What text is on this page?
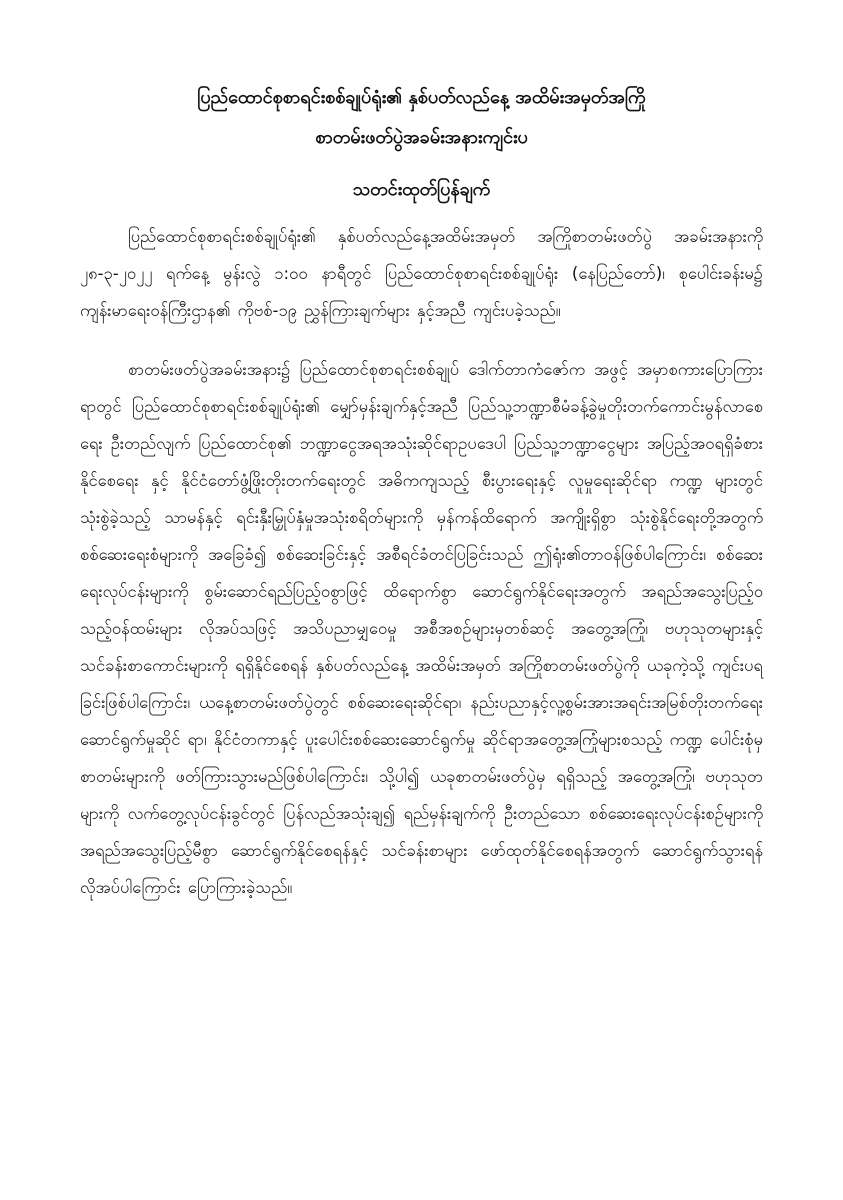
ပြည်ထောင်စုစာရင်းစစ်ချုပ်ရုံး၏ နှစ်ပတ်လည်နေ့ အထိမ်းအမှတ်အကြို

စာတမ်းဖတ်ပွဲအခမ်းအနားကျင်းပ

သတင်းထုတ်ပြန်ချက်

ပြည်ထောင်စုစာရင်းစစ်ချုပ်ရုံး၏ နှစ်ပတ်လည်နေ့အထိမ်းအမှတ် အကြိုစာတမ်းဖတ်ပွဲ အခမ်းအနားကို ၂၈-၃-၂၀၂၂ ရက်နေ့ မွန်းလွဲ ၁:၀၀ နာရီတွင် ပြည်ထောင်စုစာရင်းစစ်ချုပ်ရုံး (နေပြည်တော်)၊ စုပေါင်းခန်းမ၌ ကျန်းမာရေးဝန်ကြီးဌာန၏ ကိုဗစ်-၁၉ ညွှန်ကြားချက်များ နှင့်အညီ ကျင်းပခဲ့သည်။

စာတမ်းဖတ်ပွဲအခမ်းအနား၌ ပြည်ထောင်စုစာရင်းစစ်ချုပ် ဒေါက်တာကံဇော်က အဖွင့် အမှာစကားပြောကြားရာတွင် ပြည်ထောင်စုစာရင်းစစ်ချုပ်ရုံး၏ မျှော်မှန်းချက်နှင့်အညီ ပြည်သူ့ဘဏ္ဍာစီမံခန့်ခွဲမှုတိုးတက်ကောင်းမွန်လာစေရေး ဦးတည်လျက် ပြည်ထောင်စု၏ ဘဏ္ဍာငွေအရအသုံးဆိုင်ရာဥပဒေပါ ပြည်သူ့ဘဏ္ဍာငွေများ အပြည့်အဝရရှိခံစားနိုင်စေရေး နှင့် နိုင်ငံတော်ဖွံ့ဖြိုးတိုးတက်ရေးတွင် အဓိကကျသည့် စီးပွားရေးနှင့် လူမှုရေးဆိုင်ရာ ကဏ္ဍ များတွင် သုံးစွဲခဲ့သည့် သာမန်နှင့် ရင်းနှီးမြှုပ်နှံမှုအသုံးစရိတ်များကို မှန်ကန်ထိရောက် အကျိုးရှိစွာ သုံးစွဲနိုင်ရေးတို့အတွက် စစ်ဆေးရေးစံများကို အခြေခံ၍ စစ်ဆေးခြင်းနှင့် အစီရင်ခံတင်ပြခြင်းသည် ဤရုံး၏တာဝန်ဖြစ်ပါကြောင်း၊ စစ်ဆေးရေးလုပ်ငန်းများကို စွမ်းဆောင်ရည်ပြည့်ဝစွာဖြင့် ထိရောက်စွာ ဆောင်ရွက်နိုင်ရေးအတွက် အရည်အသွေးပြည့်ဝ သည့်ဝန်ထမ်းများ လိုအပ်သဖြင့် အသိပညာမျှဝေမှု အစီအစဉ်များမှတစ်ဆင့် အတွေ့အကြုံ၊ ဗဟုသုတများနှင့် သင်ခန်းစာကောင်းများကို ရရှိနိုင်စေရန် နှစ်ပတ်လည်နေ့ အထိမ်းအမှတ် အကြိုစာတမ်းဖတ်ပွဲကို ယခုကဲ့သို့ ကျင်းပရခြင်းဖြစ်ပါကြောင်း၊ ယနေ့စာတမ်းဖတ်ပွဲတွင် စစ်ဆေးရေးဆိုင်ရာ၊ နည်းပညာနှင့်လူ့စွမ်းအားအရင်းအမြစ်တိုးတက်ရေး ဆောင်ရွက်မှုဆိုင် ရာ၊ နိုင်ငံတကာနှင့် ပူးပေါင်းစစ်ဆေးဆောင်ရွက်မှု ဆိုင်ရာအတွေ့အကြုံများစသည့် ကဏ္ဍ ပေါင်းစုံမှ စာတမ်းများကို ဖတ်ကြားသွားမည်ဖြစ်ပါကြောင်း၊ သို့ပါ၍ ယခုစာတမ်းဖတ်ပွဲမှ ရရှိသည့် အတွေ့အကြုံ၊ ဗဟုသုတများကို လက်တွေ့လုပ်ငန်းခွင်တွင် ပြန်လည်အသုံးချ၍ ရည်မှန်းချက်ကို ဦးတည်သော စစ်ဆေးရေးလုပ်ငန်းစဉ်များကို အရည်အသွေးပြည့်မီစွာ ဆောင်ရွက်နိုင်စေရန်နှင့် သင်ခန်းစာများ ဖော်ထုတ်နိုင်စေရန်အတွက် ဆောင်ရွက်သွားရန် လိုအပ်ပါကြောင်း ပြောကြားခဲ့သည်။
